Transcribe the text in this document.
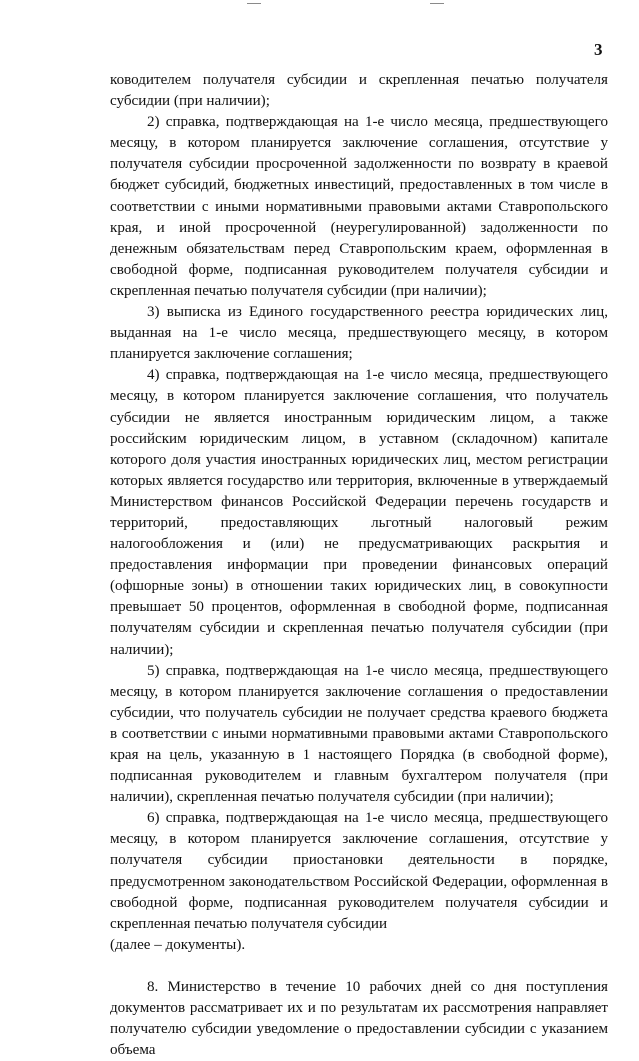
3

ководителем получателя субсидии и скрепленная печатью получателя субсидии (при наличии);

2) справка, подтверждающая на 1-е число месяца, предшествующего месяцу, в котором планируется заключение соглашения, отсутствие у получателя субсидии просроченной задолженности по возврату в краевой бюджет субсидий, бюджетных инвестиций, предоставленных в том числе в соответствии с иными нормативными правовыми актами Ставропольского края, и иной просроченной (неурегулированной) задолженности по денежным обязательствам перед Ставропольским краем, оформленная в свободной форме, подписанная руководителем получателя субсидии и скрепленная печатью получателя субсидии (при наличии);

3) выписка из Единого государственного реестра юридических лиц, выданная на 1-е число месяца, предшествующего месяцу, в котором планируется заключение соглашения;

4) справка, подтверждающая на 1-е число месяца, предшествующего месяцу, в котором планируется заключение соглашения, что получатель субсидии не является иностранным юридическим лицом, а также российским юридическим лицом, в уставном (складочном) капитале которого доля участия иностранных юридических лиц, местом регистрации которых является государство или территория, включенные в утверждаемый Министерством финансов Российской Федерации перечень государств и территорий, предоставляющих льготный налоговый режим налогообложения и (или) не предусматривающих раскрытия и предоставления информации при проведении финансовых операций (офшорные зоны) в отношении таких юридических лиц, в совокупности превышает 50 процентов, оформленная в свободной форме, подписанная получателям субсидии и скрепленная печатью получателя субсидии (при наличии);

5) справка, подтверждающая на 1-е число месяца, предшествующего месяцу, в котором планируется заключение соглашения о предоставлении субсидии, что получатель субсидии не получает средства краевого бюджета в соответствии с иными нормативными правовыми актами Ставропольского края на цель, указанную в 1 настоящего Порядка (в свободной форме), подписанная руководителем и главным бухгалтером получателя (при наличии), скрепленная печатью получателя субсидии (при наличии);

6) справка, подтверждающая на 1-е число месяца, предшествующего месяцу, в котором планируется заключение соглашения, отсутствие у получателя субсидии приостановки деятельности в порядке, предусмотренном законодательством Российской Федерации, оформленная в свободной форме, подписанная руководителем получателя субсидии и скрепленная печатью получателя субсидии

(далее – документы).

8. Министерство в течение 10 рабочих дней со дня поступления документов рассматривает их и по результатам их рассмотрения направляет получателю субсидии уведомление о предоставлении субсидии с указанием объема
